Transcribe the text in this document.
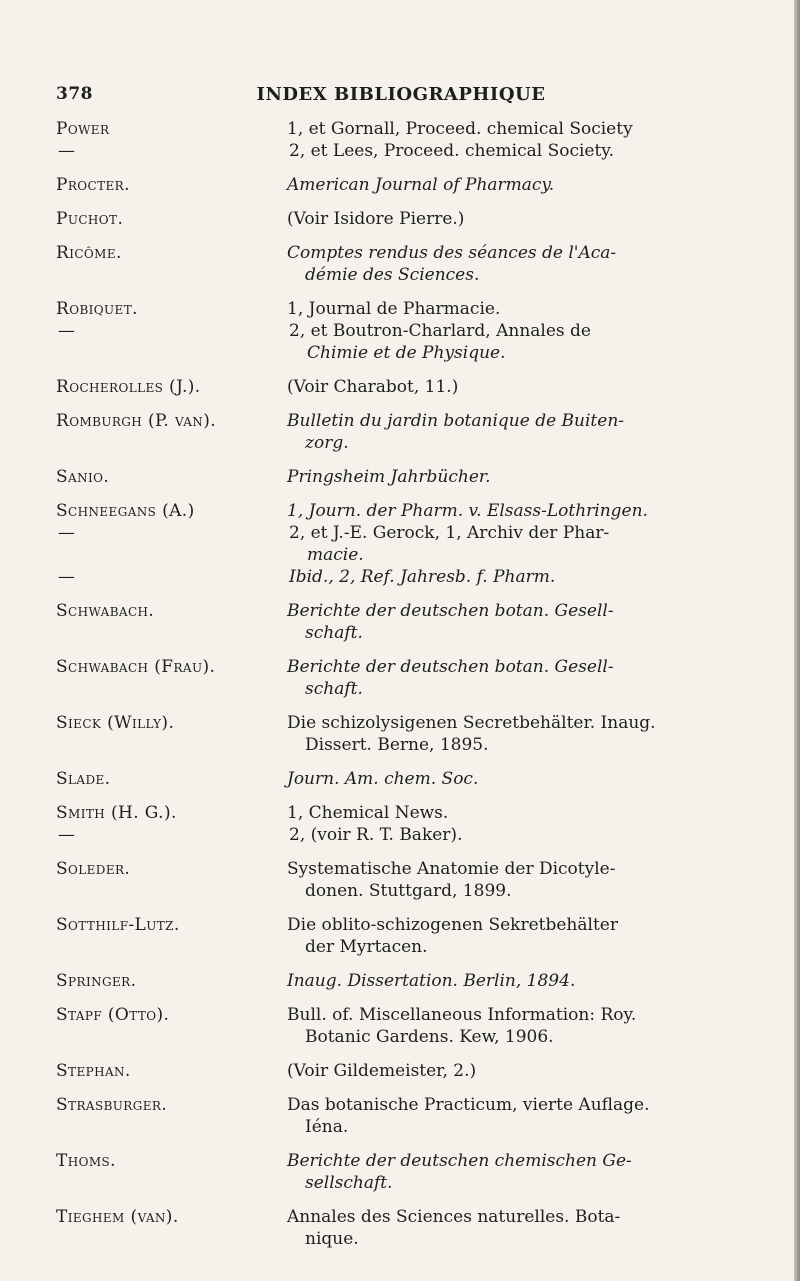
378	INDEX BIBLIOGRAPHIQUE
Power	1, et Gornall, Proceed. chemical Society
—	2, et Lees, Proceed. chemical Society.
Procter.	American Journal of Pharmacy.
Puchot.	(Voir Isidore Pierre.)
Ricôme.	Comptes rendus des séances de l'Aca-
démie des Sciences.
Robiquet.	1, Journal de Pharmacie.
—	2, et Boutron-Charlard, Annales de
Chimie et de Physique.
Rocherolles (J.).	(Voir Charabot, 11.)
Romburgh (P. van).	Bulletin du jardin botanique de Buiten-
zorg.
Sanio.	Pringsheim Jahrbücher.
Schneegans (A.)	1, Journ. der Pharm. v. Elsass-Lothringen.
—	2, et J.-E. Gerock, 1, Archiv der Phar-
macie.
—	Ibid., 2, Ref. Jahresb. f. Pharm.
Schwabach.	Berichte der deutschen botan. Gesell-
schaft.
Schwabach (Frau).	Berichte der deutschen botan. Gesell-
schaft.
Sieck (Willy).	Die schizolysigenen Secretbehälter. Inaug.
Dissert. Berne, 1895.
Slade.	Journ. Am. chem. Soc.
Smith (H. G.).	1, Chemical News.
—	2, (voir R. T. Baker).
Soleder.	Systematische Anatomie der Dicotyle-
donen. Stuttgard, 1899.
Sotthilf-Lutz.	Die oblito-schizogenen Sekretbehälter
der Myrtacen.
Springer.	Inaug. Dissertation. Berlin, 1894.
Stapf (Otto).	Bull. of. Miscellaneous Information: Roy.
Botanic Gardens. Kew, 1906.
Stephan.	(Voir Gildemeister, 2.)
Strasburger.	Das botanische Practicum, vierte Auflage.
Iéna.
Thoms.	Berichte der deutschen chemischen Ge-
sellschaft.
Tieghem (van).	Annales des Sciences naturelles. Bota-
nique.
